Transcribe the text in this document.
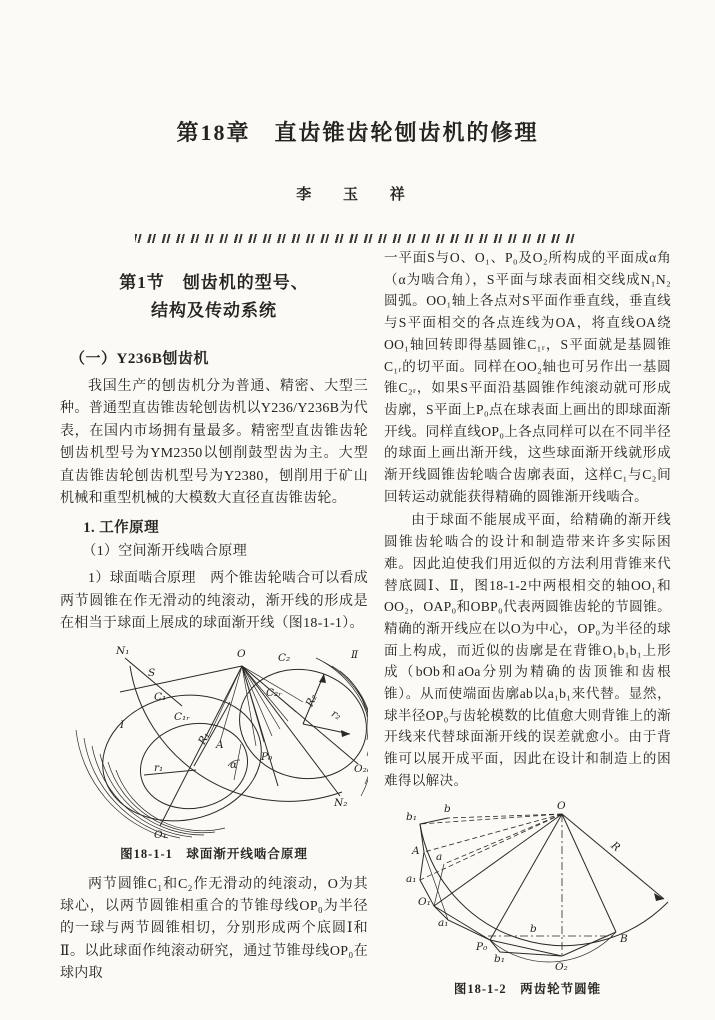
第18章　直齿锥齿轮刨齿机的修理
李 玉 祥
第1节　刨齿机的型号、
结构及传动系统
（一）Y236B刨齿机
我国生产的刨齿机分为普通、精密、大型三种。普通型直齿锥齿轮刨齿机以Y236/Y236B为代表，在国内市场拥有量最多。精密型直齿锥齿轮刨齿机型号为YM2350以刨削鼓型齿为主。大型直齿锥齿轮刨齿机型号为Y2380，刨削用于矿山机械和重型机械的大模数大直径直齿锥齿轮。
1. 工作原理
（1）空间渐开线啮合原理
1）球面啮合原理　两个锥齿轮啮合可以看成两节圆锥在作无滑动的纯滚动，渐开线的形成是在相当于球面上展成的球面渐开线（图18-1-1）。
N₁
S
O	C₂	Ⅱ
C₁
C₁ᵣ
C₂ᵣ R₂
r₂
Ⅰ
R₁ A
α
r₁
P₀
O₂
N₂
O₁
图18-1-1　球面渐开线啮合原理
两节圆锥C₁和C₂作无滑动的纯滚动，O为其球心，以两节圆锥相重合的节锥母线OP₀为半径的一球与两节圆锥相切，分别形成两个底圆Ⅰ和Ⅱ。以此球面作纯滚动研究，通过节锥母线OP₀在球内取
一平面S与O、O₁、P₀及O₂所构成的平面成α角（α为啮合角），S平面与球表面相交线成N₁N₂圆弧。OO₁轴上各点对S平面作垂直线，垂直线与S平面相交的各点连线为OA，将直线OA绕OO₁轴回转即得基圆锥C₁ᵣ，S平面就是基圆锥C₁ᵣ的切平面。同样在OO₂轴也可另作出一基圆锥C₂ᵣ，如果S平面沿基圆锥作纯滚动就可形成齿廓，S平面上P₀点在球表面上画出的即球面渐开线。同样直线OP₀上各点同样可以在不同半径的球面上画出渐开线，这些球面渐开线就形成渐开线圆锥齿轮啮合齿廓表面，这样C₁与C₂间回转运动就能获得精确的圆锥渐开线啮合。
由于球面不能展成平面，给精确的渐开线圆锥齿轮啮合的设计和制造带来许多实际困难。因此迫使我们用近似的方法利用背锥来代替底圆Ⅰ、Ⅱ，图18-1-2中两根相交的轴OO₁和OO₂，OAP₀和OBP₀代表两圆锥齿轮的节圆锥。精确的渐开线应在以O为中心，OP₀为半径的球面上构成，而近似的齿廓是在背锥O₁b₁b₁上形成（bOb和aOa分别为精确的齿顶锥和齿根锥）。从而使端面齿廓ab以a₁b₁来代替。显然，球半径OP₀与齿轮模数的比值愈大则背锥上的渐开线来代替球面渐开线的误差就愈小。由于背锥可以展开成平面，因此在设计和制造上的困难得以解决。
O
b
b₁
A a
a₁
O₁
a₁
P₀
b₁
b
O₂
B
R
图18-1-2　两齿轮节圆锥
